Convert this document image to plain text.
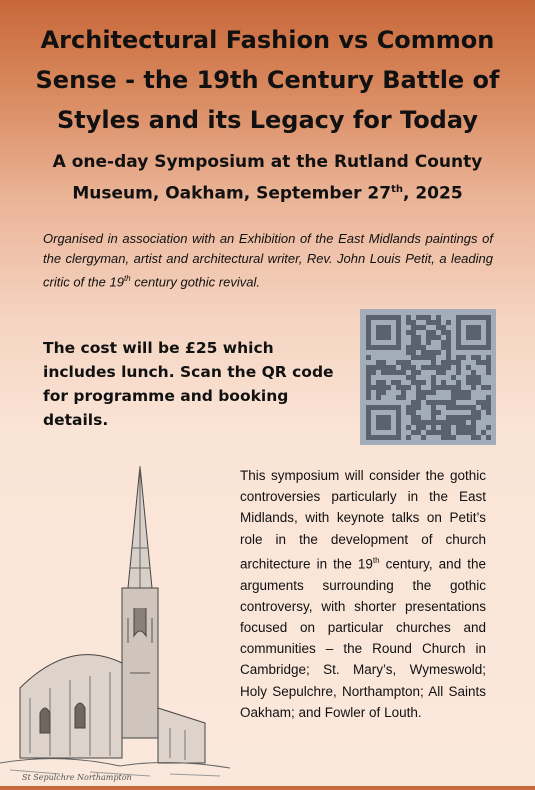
Architectural Fashion vs Common Sense - the 19th Century Battle of Styles and its Legacy for Today
A one-day Symposium at the Rutland County
Museum, Oakham, September 27th, 2025
Organised in association with an Exhibition of the East Midlands paintings of the clergyman, artist and architectural writer, Rev. John Louis Petit, a leading critic of the 19th century gothic revival.
The cost will be £25 which includes lunch. Scan the QR code for programme and booking details.
St Sepulchre Northampton
This symposium will consider the gothic controversies particularly in the East Midlands, with keynote talks on Petit’s role in the development of church architecture in the 19th century, and the arguments surrounding the gothic controversy, with shorter presentations focused on particular churches and communities – the Round Church in Cambridge; St. Mary’s, Wymeswold; Holy Sepulchre, Northampton; All Saints Oakham; and Fowler of Louth.
